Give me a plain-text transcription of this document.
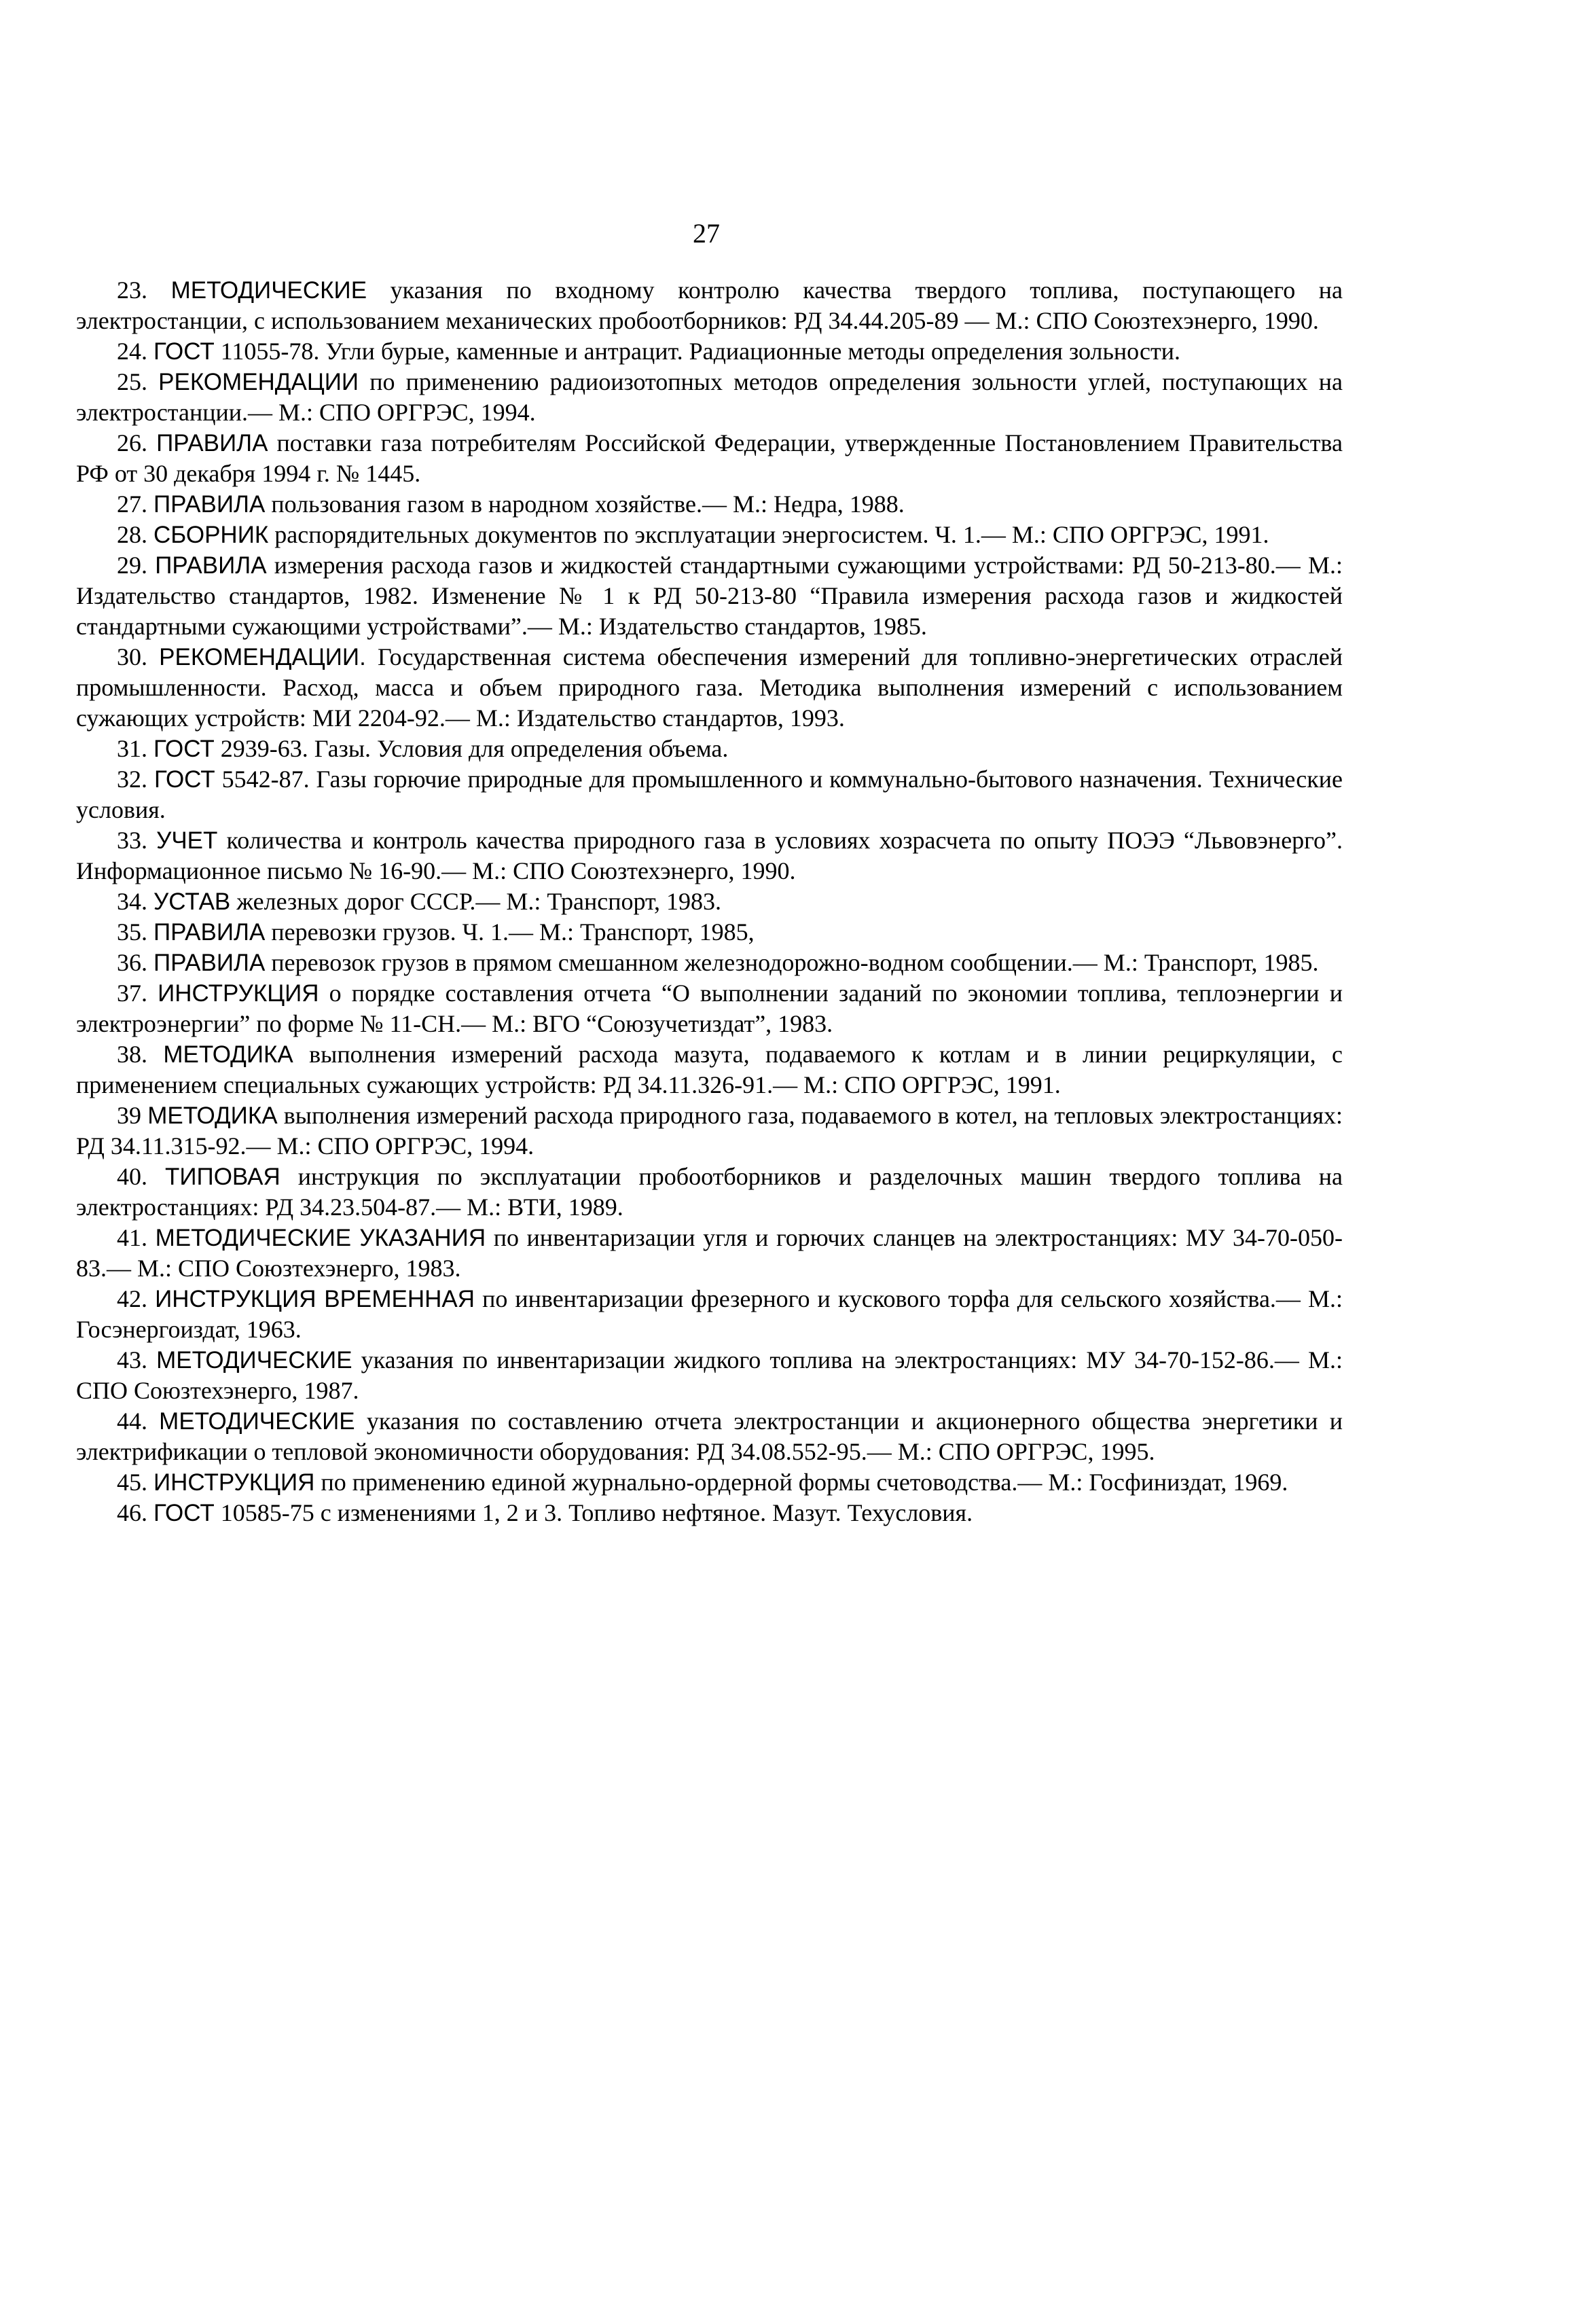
27

23. МЕТОДИЧЕСКИЕ указания по входному контролю качества твердого топлива, поступающего на электростанции, с использованием механических пробоотборников: РД 34.44.205-89 — М.: СПО Союзтехэнерго, 1990.

24. ГОСТ 11055-78. Угли бурые, каменные и антрацит. Радиационные методы определения зольности.

25. РЕКОМЕНДАЦИИ по применению радиоизотопных методов определения зольности углей, поступающих на электростанции.— М.: СПО ОРГРЭС, 1994.

26. ПРАВИЛА поставки газа потребителям Российской Федерации, утвержденные Постановлением Правительства РФ от 30 декабря 1994 г. № 1445.

27. ПРАВИЛА пользования газом в народном хозяйстве.— М.: Недра, 1988.

28. СБОРНИК распорядительных документов по эксплуатации энергосистем. Ч. 1.— М.: СПО ОРГРЭС, 1991.

29. ПРАВИЛА измерения расхода газов и жидкостей стандартными сужающими устройствами: РД 50-213-80.— М.: Издательство стандартов, 1982. Изменение № 1 к РД 50-213-80 “Правила измерения расхода газов и жидкостей стандартными сужающими устройствами”.— М.: Издательство стандартов, 1985.

30. РЕКОМЕНДАЦИИ. Государственная система обеспечения измерений для топливно-энергетических отраслей промышленности. Расход, масса и объем природного газа. Методика выполнения измерений с использованием сужающих устройств: МИ 2204-92.— М.: Издательство стандартов, 1993.

31. ГОСТ 2939-63. Газы. Условия для определения объема.

32. ГОСТ 5542-87. Газы горючие природные для промышленного и коммунально-бытового назначения. Технические условия.

33. УЧЕТ количества и контроль качества природного газа в условиях хозрасчета по опыту ПОЭЭ “Львовэнерго”. Информационное письмо № 16-90.— М.: СПО Союзтехэнерго, 1990.

34. УСТАВ железных дорог СССР.— М.: Транспорт, 1983.

35. ПРАВИЛА перевозки грузов. Ч. 1.— М.: Транспорт, 1985,

36. ПРАВИЛА перевозок грузов в прямом смешанном железнодорожно-водном сообщении.— М.: Транспорт, 1985.

37. ИНСТРУКЦИЯ о порядке составления отчета “О выполнении заданий по экономии топлива, теплоэнергии и электроэнергии” по форме № 11-СН.— М.: ВГО “Союзучетиздат”, 1983.

38. МЕТОДИКА выполнения измерений расхода мазута, подаваемого к котлам и в линии рециркуляции, с применением специальных сужающих устройств: РД 34.11.326-91.— М.: СПО ОРГРЭС, 1991.

39 МЕТОДИКА выполнения измерений расхода природного газа, подаваемого в котел, на тепловых электростанциях: РД 34.11.315-92.— М.: СПО ОРГРЭС, 1994.

40. ТИПОВАЯ инструкция по эксплуатации пробоотборников и разделочных машин твердого топлива на электростанциях: РД 34.23.504-87.— М.: ВТИ, 1989.

41. МЕТОДИЧЕСКИЕ УКАЗАНИЯ по инвентаризации угля и горючих сланцев на электростанциях: МУ 34-70-050-83.— М.: СПО Союзтехэнерго, 1983.

42. ИНСТРУКЦИЯ ВРЕМЕННАЯ по инвентаризации фрезерного и кускового торфа для сельского хозяйства.— М.: Госэнергоиздат, 1963.

43. МЕТОДИЧЕСКИЕ указания по инвентаризации жидкого топлива на электростанциях: МУ 34-70-152-86.— М.: СПО Союзтехэнерго, 1987.

44. МЕТОДИЧЕСКИЕ указания по составлению отчета электростанции и акционерного общества энергетики и электрификации о тепловой экономичности оборудования: РД 34.08.552-95.— М.: СПО ОРГРЭС, 1995.

45. ИНСТРУКЦИЯ по применению единой журнально-ордерной формы счетоводства.— М.: Госфиниздат, 1969.

46. ГОСТ 10585-75 с изменениями 1, 2 и 3. Топливо нефтяное. Мазут. Техусловия.
